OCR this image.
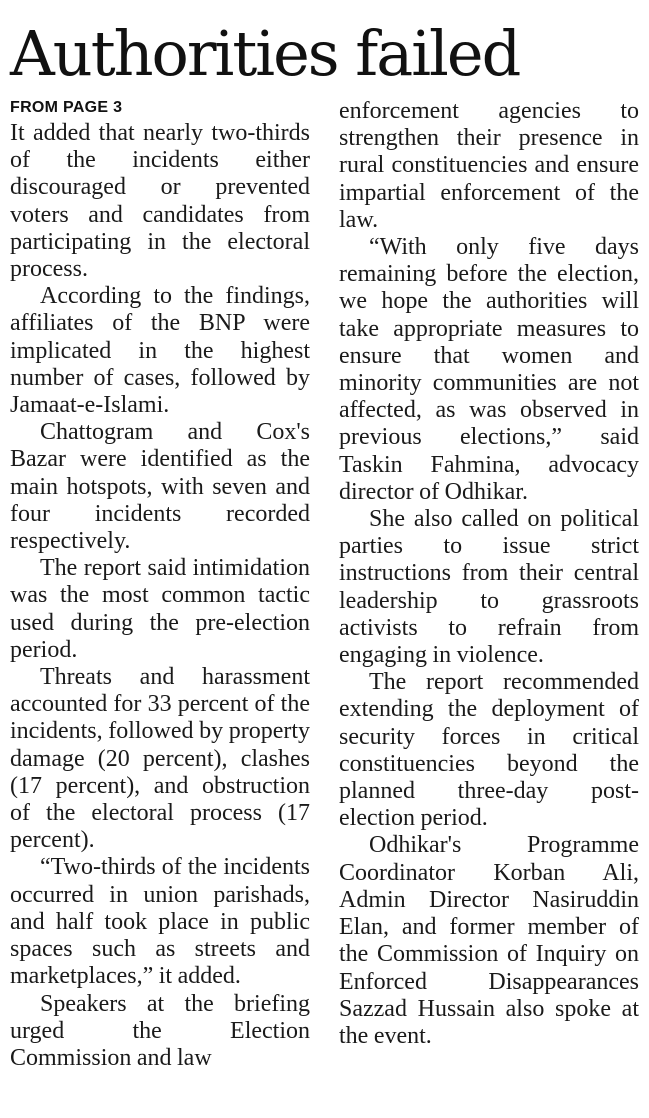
Authorities failed

FROM PAGE 3

It added that nearly two-thirds of the incidents either discouraged or prevented voters and candidates from participating in the electoral process.

According to the findings, affiliates of the BNP were implicated in the highest number of cases, followed by Jamaat-e-Islami.

Chattogram and Cox's Bazar were identified as the main hotspots, with seven and four incidents recorded respectively.

The report said intimidation was the most common tactic used during the pre-election period.

Threats and harassment accounted for 33 percent of the incidents, followed by property damage (20 percent), clashes (17 percent), and obstruction of the electoral process (17 percent).

“Two-thirds of the incidents occurred in union parishads, and half took place in public spaces such as streets and marketplaces,” it added.

Speakers at the briefing urged the Election Commission and law

enforcement agencies to strengthen their presence in rural constituencies and ensure impartial enforcement of the law.

“With only five days remaining before the election, we hope the authorities will take appropriate measures to ensure that women and minority communities are not affected, as was observed in previous elections,” said Taskin Fahmina, advocacy director of Odhikar.

She also called on political parties to issue strict instructions from their central leadership to grassroots activists to refrain from engaging in violence.

The report recommended extending the deployment of security forces in critical constituencies beyond the planned three-day post-election period.

Odhikar's Programme Coordinator Korban Ali, Admin Director Nasiruddin Elan, and former member of the Commission of Inquiry on Enforced Disappearances Sazzad Hussain also spoke at the event.
